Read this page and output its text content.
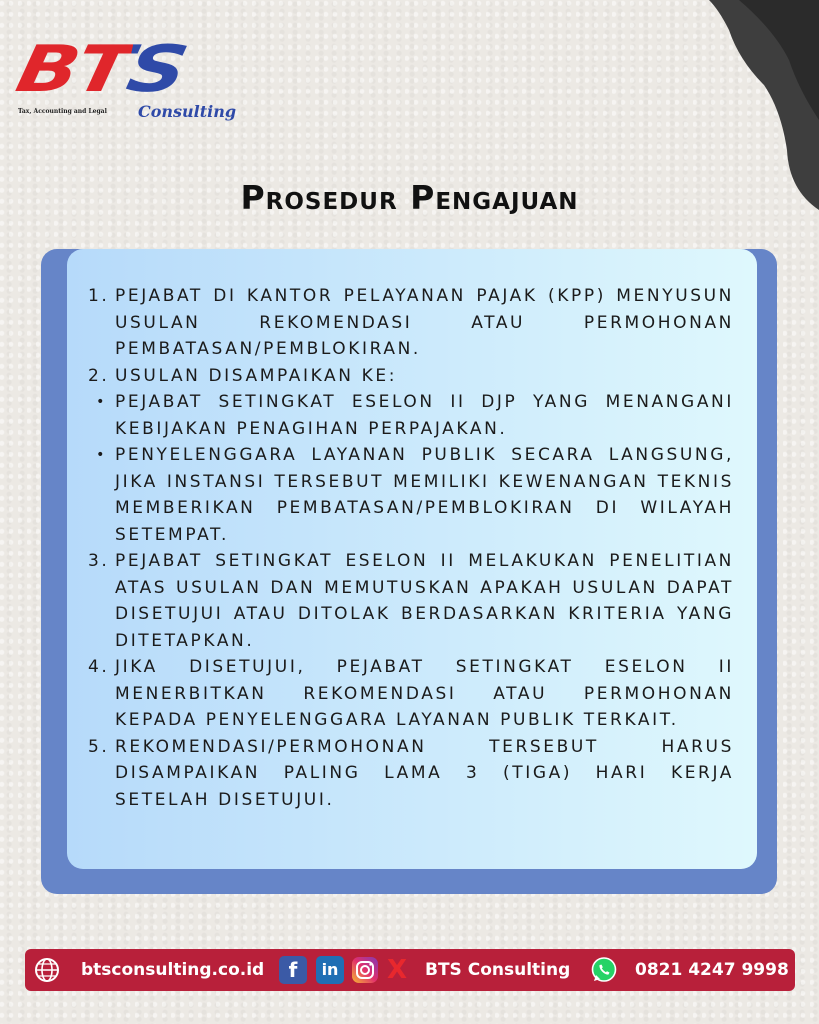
BTS
Tax, Accounting and Legal Consulting
Prosedur Pengajuan
1. PEJABAT DI KANTOR PELAYANAN PAJAK (KPP) MENYUSUN USULAN REKOMENDASI ATAU PERMOHONAN PEMBATASAN/PEMBLOKIRAN.
2. USULAN DISAMPAIKAN KE:
• PEJABAT SETINGKAT ESELON II DJP YANG MENANGANI KEBIJAKAN PENAGIHAN PERPAJAKAN.
• PENYELENGGARA LAYANAN PUBLIK SECARA LANGSUNG, JIKA INSTANSI TERSEBUT MEMILIKI KEWENANGAN TEKNIS MEMBERIKAN PEMBATASAN/PEMBLOKIRAN DI WILAYAH SETEMPAT.
3. PEJABAT SETINGKAT ESELON II MELAKUKAN PENELITIAN ATAS USULAN DAN MEMUTUSKAN APAKAH USULAN DAPAT DISETUJUI ATAU DITOLAK BERDASARKAN KRITERIA YANG DITETAPKAN.
4. JIKA DISETUJUI, PEJABAT SETINGKAT ESELON II MENERBITKAN REKOMENDASI ATAU PERMOHONAN KEPADA PENYELENGGARA LAYANAN PUBLIK TERKAIT.
5. REKOMENDASI/PERMOHONAN TERSEBUT HARUS DISAMPAIKAN PALING LAMA 3 (TIGA) HARI KERJA SETELAH DISETUJUI.
btsconsulting.co.id	f	in X BTS Consulting	0821 4247 9998
